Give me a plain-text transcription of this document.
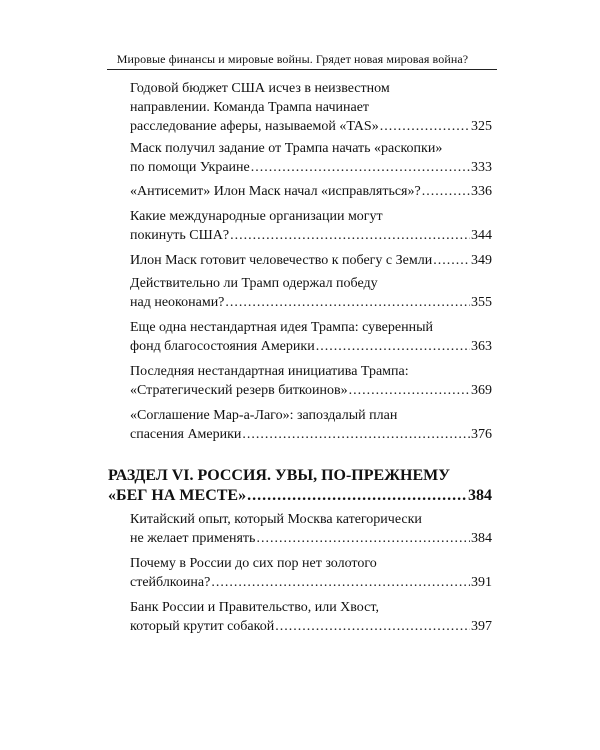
Мировые финансы и мировые войны. Грядет новая мировая война?
Годовой бюджет США исчез в неизвестном
направлении. Команда Трампа начинает
расследование аферы, называемой «TAS» .....	325
Маск получил задание от Трампа начать «раскопки»
по помощи Украине .....	333
«Антисемит» Илон Маск начал «исправляться»? .....	336
Какие международные организации могут
покинуть США? .....	344
Илон Маск готовит человечество к побегу с Земли .....	349
Действительно ли Трамп одержал победу
над неоконами? .....	355
Еще одна нестандартная идея Трампа: суверенный
фонд благосостояния Америки .....	363
Последняя нестандартная инициатива Трампа:
«Стратегический резерв биткоинов» .....	369
«Соглашение Мар-а-Лаго»: запоздалый план
спасения Америки .....	376
РАЗДЕЛ VI. РОССИЯ. УВЫ, ПО-ПРЕЖНЕМУ
«БЕГ НА МЕСТЕ» .....	384
Китайский опыт, который Москва категорически
не желает применять .....	384
Почему в России до сих пор нет золотого
стейблкоина? .....	391
Банк России и Правительство, или Хвост,
который крутит собакой .....	397
